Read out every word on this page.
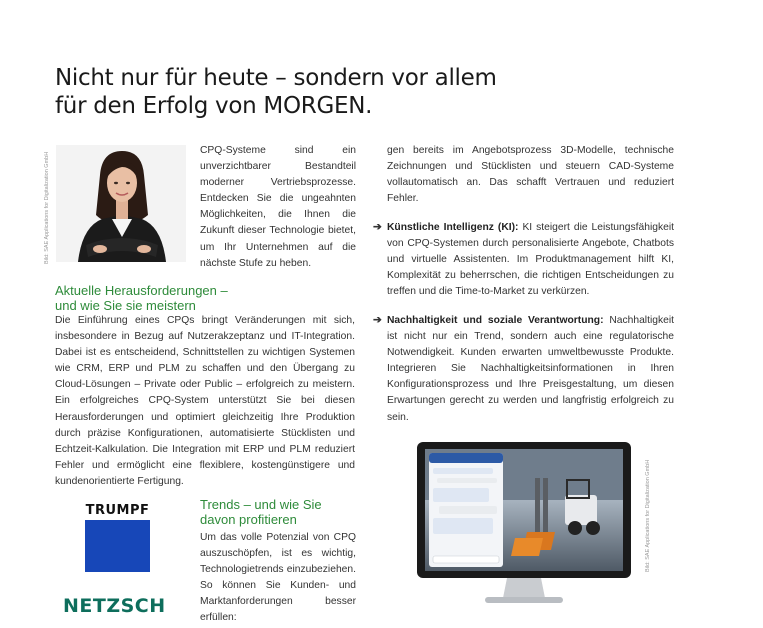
Nicht nur für heute – sondern vor allem
für den Erfolg von MORGEN.
Bild: SAE Applications for Digitalization GmbH

CPQ-Systeme sind ein unverzichtbarer Bestandteil moderner Vertriebsprozesse. Entdecken Sie die ungeahnten Möglichkeiten, die Ihnen die Zukunft dieser Technologie bietet, um Ihr Unternehmen auf die nächste Stufe zu heben.

Aktuelle Herausforderungen –
und wie Sie sie meistern

Die Einführung eines CPQs bringt Veränderungen mit sich, insbesondere in Bezug auf Nutzerakzeptanz und IT-Integration. Dabei ist es entscheidend, Schnittstellen zu wichtigen Systemen wie CRM, ERP und PLM zu schaffen und den Übergang zu Cloud-Lösungen – Private oder Public – erfolgreich zu meistern. Ein erfolgreiches CPQ-System unterstützt Sie bei diesen Herausforderungen und optimiert gleichzeitig Ihre Produktion durch präzise Konfigurationen, automatisierte Stücklisten und Echtzeit-Kalkulation. Die Integration mit ERP und PLM reduziert Fehler und ermöglicht eine flexiblere, kostengünstigere und kundenorientierte Fertigung.

TRUMPF
NETZSCH
Trends – und wie Sie
davon profitieren

Um das volle Potenzial von CPQ auszuschöpfen, ist es wichtig, Technologietrends einzubeziehen. So können Sie Kunden- und Marktanforderungen besser erfüllen:

gen bereits im Angebotsprozess 3D-Modelle, technische Zeichnungen und Stücklisten und steuern CAD-Systeme vollautomatisch an. Das schafft Vertrauen und reduziert Fehler.

➔ Künstliche Intelligenz (KI): KI steigert die Leistungsfähigkeit von CPQ-Systemen durch personalisierte Angebote, Chatbots und virtuelle Assistenten. Im Produktmanagement hilft KI, Komplexität zu beherrschen, die richtigen Entscheidungen zu treffen und die Time-to-Market zu verkürzen.

➔ Nachhaltigkeit und soziale Verantwortung: Nachhaltigkeit ist nicht nur ein Trend, sondern auch eine regulatorische Notwendigkeit. Kunden erwarten umweltbewusste Produkte. Integrieren Sie Nachhaltigkeitsinformationen in Ihren Konfigurationsprozess und Ihre Preisgestaltung, um diesen Erwartungen gerecht zu werden und langfristig erfolgreich zu sein.

Bild: SAE Applications for Digitalization GmbH
